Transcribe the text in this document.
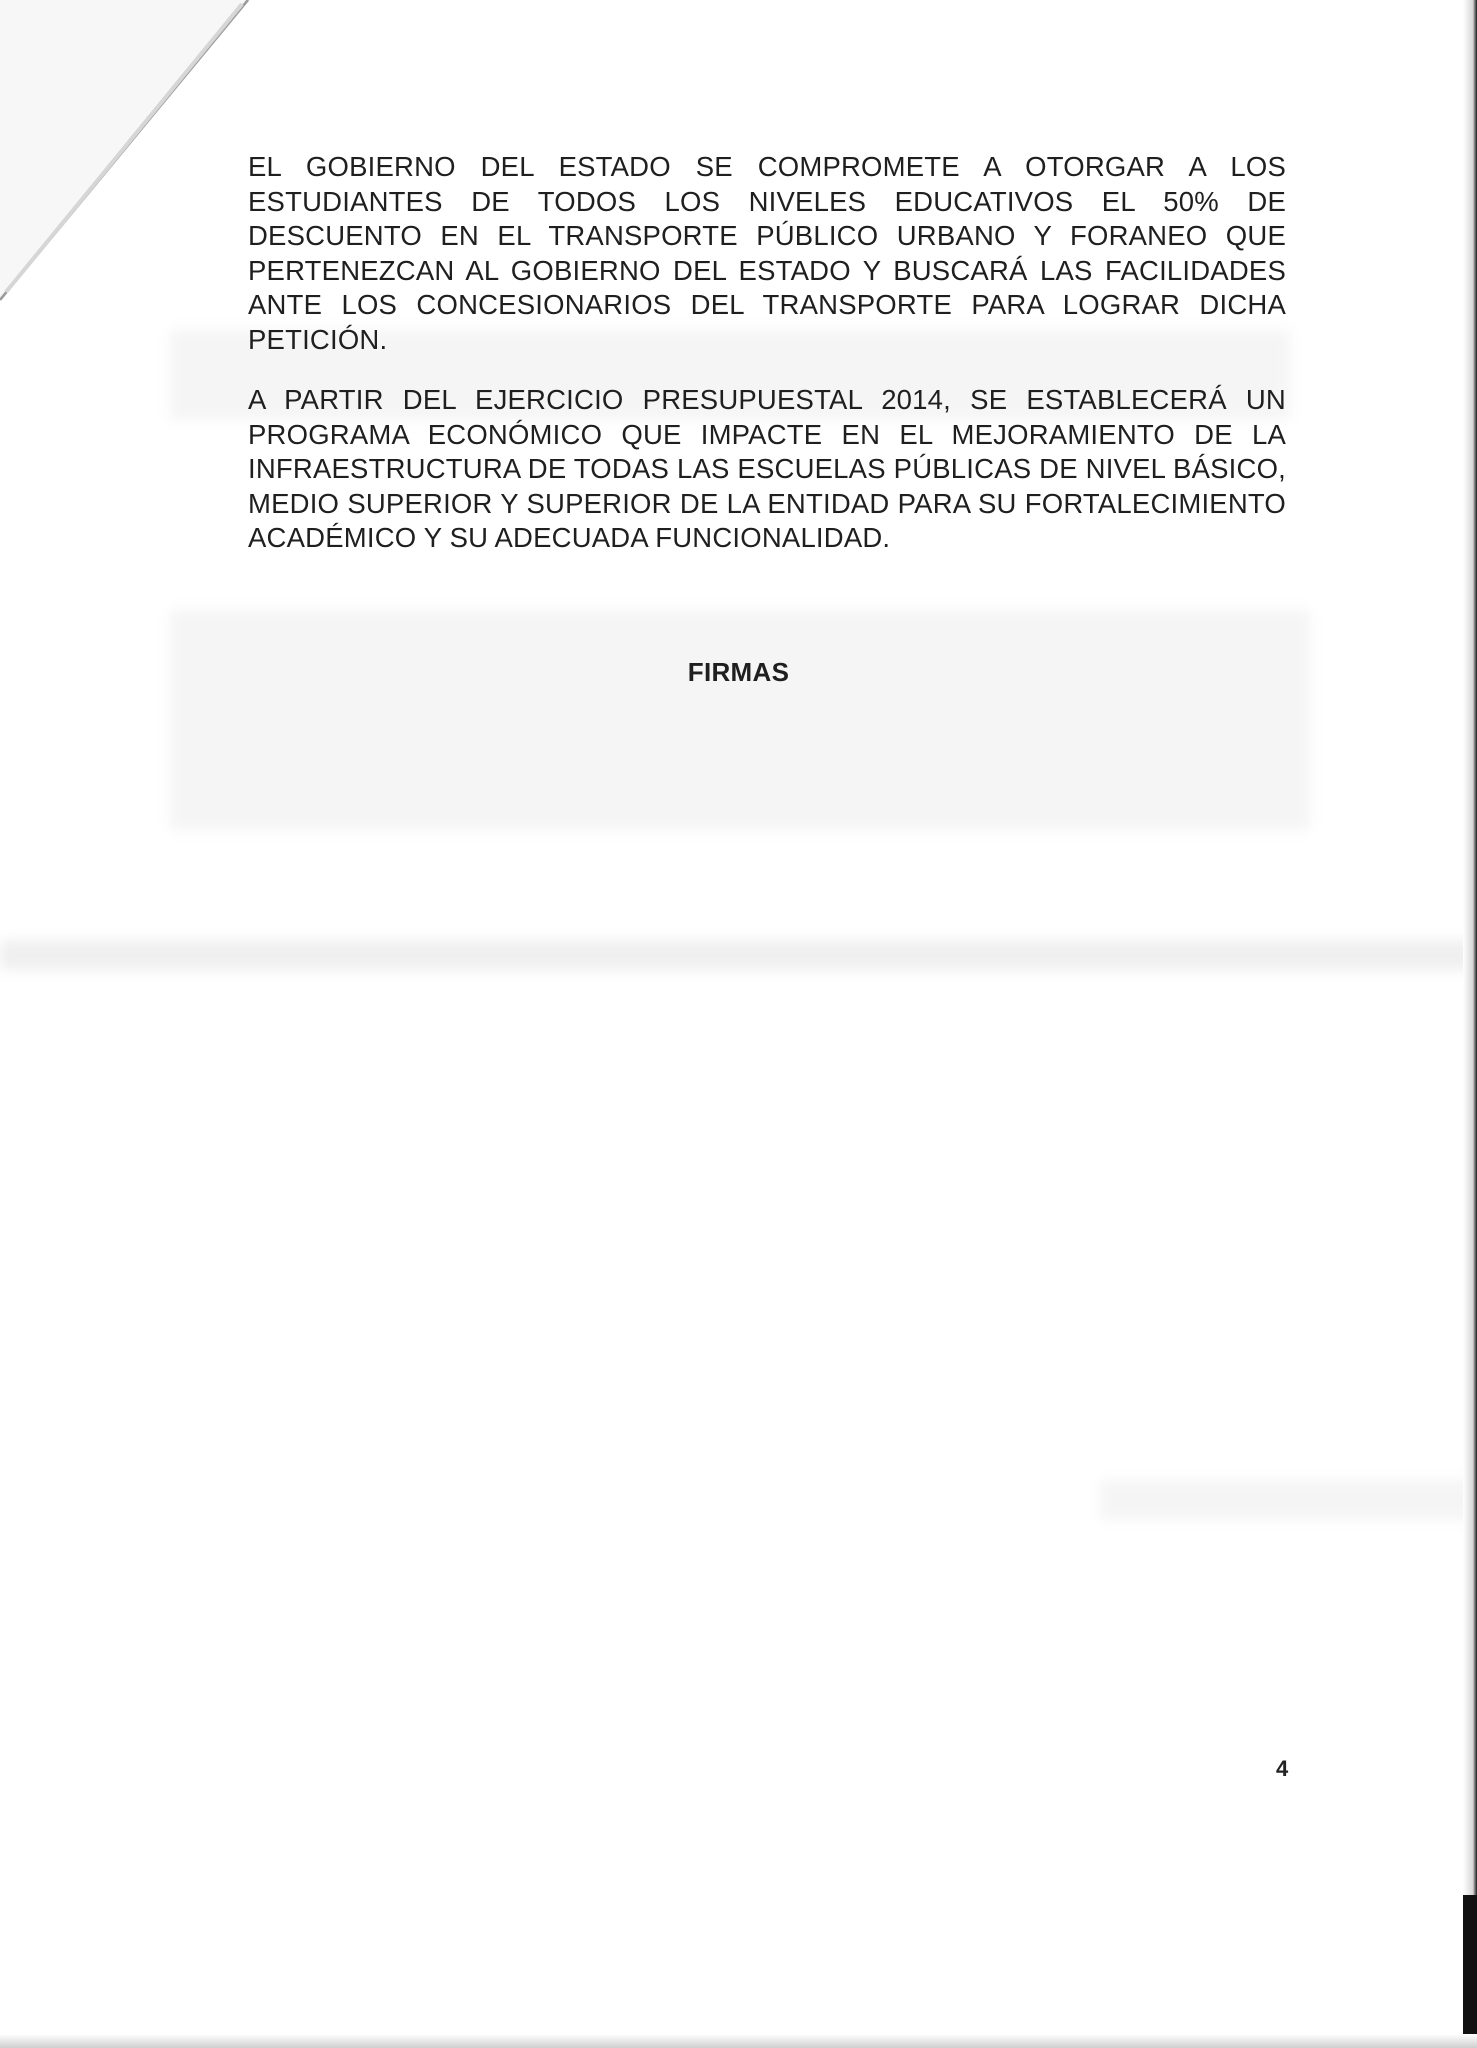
EL GOBIERNO DEL ESTADO SE COMPROMETE A OTORGAR A LOS ESTUDIANTES DE TODOS LOS NIVELES EDUCATIVOS EL 50% DE DESCUENTO EN EL TRANSPORTE PÚBLICO URBANO Y FORANEO QUE PERTENEZCAN AL GOBIERNO DEL ESTADO Y BUSCARÁ LAS FACILIDADES ANTE LOS CONCESIONARIOS DEL TRANSPORTE PARA LOGRAR DICHA PETICIÓN.

A PARTIR DEL EJERCICIO PRESUPUESTAL 2014, SE ESTABLECERÁ UN PROGRAMA ECONÓMICO QUE IMPACTE EN EL MEJORAMIENTO DE LA INFRAESTRUCTURA DE TODAS LAS ESCUELAS PÚBLICAS DE NIVEL BÁSICO, MEDIO SUPERIOR Y SUPERIOR DE LA ENTIDAD PARA SU FORTALECIMIENTO ACADÉMICO Y SU ADECUADA FUNCIONALIDAD.

FIRMAS
4
